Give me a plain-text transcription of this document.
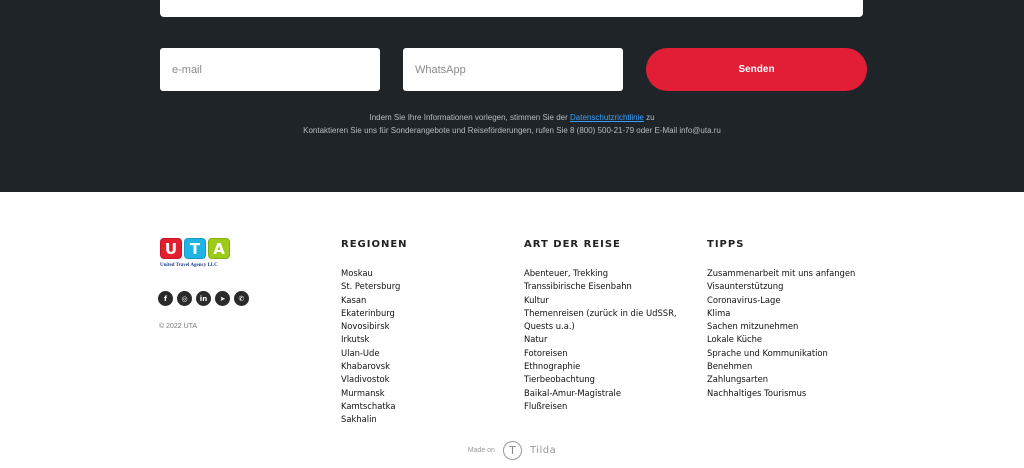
e-mail
WhatsApp
Senden
Indem Sie Ihre Informationen vorlegen, stimmen Sie der Datenschutzrichtlinie zu
Kontaktieren Sie uns für Sonderangebote und Reiseförderungen, rufen Sie 8 (800) 500-21-79 oder E-Mail info@uta.ru
U T A
United Travel Agency LLC
f	◎	in	➤	✆
© 2022 UTA
REGIONEN
Moskau
St. Petersburg
Kasan
Ekaterinburg
Novosibirsk
Irkutsk
Ulan-Ude
Khabarovsk
Vladivostok
Murmansk
Kamtschatka
Sakhalin
ART DER REISE
Abenteuer, Trekking
Transsibirische Eisenbahn
Kultur
Themenreisen (zurück in die UdSSR,
Quests u.a.)
Natur
Fotoreisen
Ethnographie
Tierbeobachtung
Baikal-Amur-Magistrale
Flußreisen
TIPPS
Zusammenarbeit mit uns anfangen
Visaunterstützung
Coronavirus-Lage
Klima
Sachen mitzunehmen
Lokale Küche
Sprache und Kommunikation
Benehmen
Zahlungsarten
Nachhaltiges Tourismus
Made on	T	Tilda
